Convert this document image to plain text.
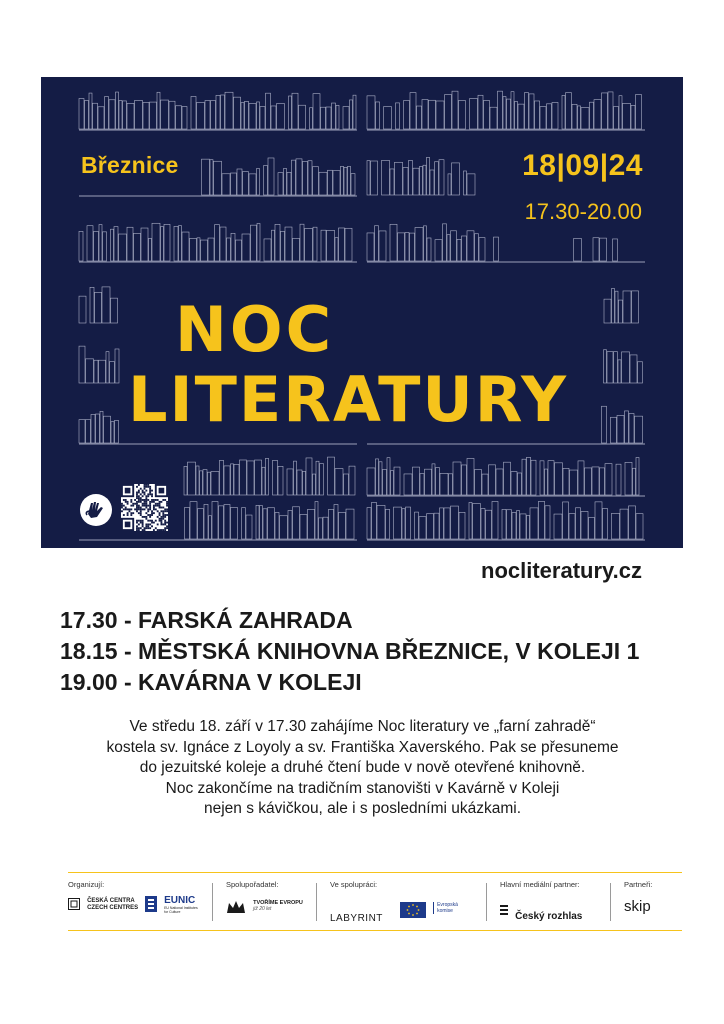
Březnice	18|09|24
17.30-20.00
NOC
LITERATURY
nocliteratury.cz
17.30 - FARSKÁ ZAHRADA
18.15 - MĚSTSKÁ KNIHOVNA BŘEZNICE, V KOLEJI 1
19.00 - KAVÁRNA V KOLEJI
Ve středu 18. září v 17.30 zahájíme Noc literatury ve „farní zahradě“
kostela sv. Ignáce z Loyoly a sv. Františka Xaverského. Pak se přesuneme
do jezuitské koleje a druhé čtení bude v nově otevřené knihovně.
Noc zakončíme na tradičním stanovišti v Kavárně v Koleji
nejen s kávičkou, ale i s posledními ukázkami.
Organizují:

ČESKÁ CENTRA
CZECH CENTRES

EUNIC
EU National Institutes for Culture
Spolupořadatel:

TVOŘÍME EVROPU
již 20 let
Ve spolupráci:
LABYRINT

Evropská
komise
Hlavní mediální partner:
Český rozhlas
Partneři:
skip
